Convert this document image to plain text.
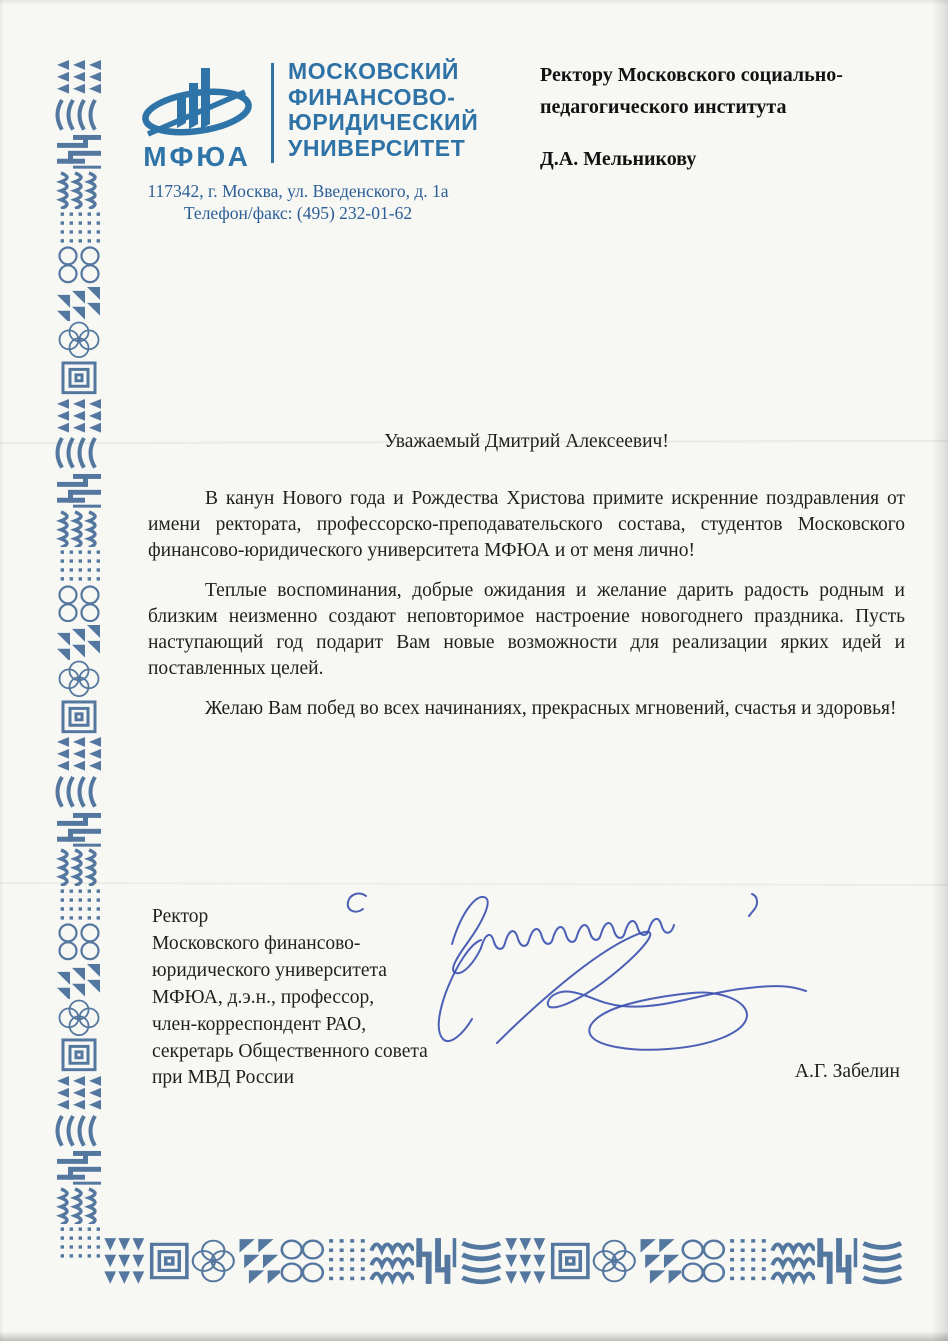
МФЮА
МОСКОВСКИЙ
ФИНАНСОВО-
ЮРИДИЧЕСКИЙ
УНИВЕРСИТЕТ
117342, г. Москва, ул. Введенского, д. 1а
Телефон/факс: (495) 232-01-62
Ректору Московского социально-
педагогического института
Д.А. Мельникову
Уважаемый Дмитрий Алексеевич!

В канун Нового года и Рождества Христова примите искренние поздравления от имени ректората, профессорско-преподавательского состава, студентов Московского финансово-юридического университета МФЮА и от меня лично!

Теплые воспоминания, добрые ожидания и желание дарить радость родным и близким неизменно создают неповторимое настроение новогоднего праздника. Пусть наступающий год подарит Вам новые возможности для реализации ярких идей и поставленных целей.

Желаю Вам побед во всех начинаниях, прекрасных мгновений, счастья и здоровья!

Ректор
Московского финансово-
юридического университета
МФЮА, д.э.н., профессор,
член-корреспондент РАО,
секретарь Общественного совета
при МВД России	А.Г. Забелин
